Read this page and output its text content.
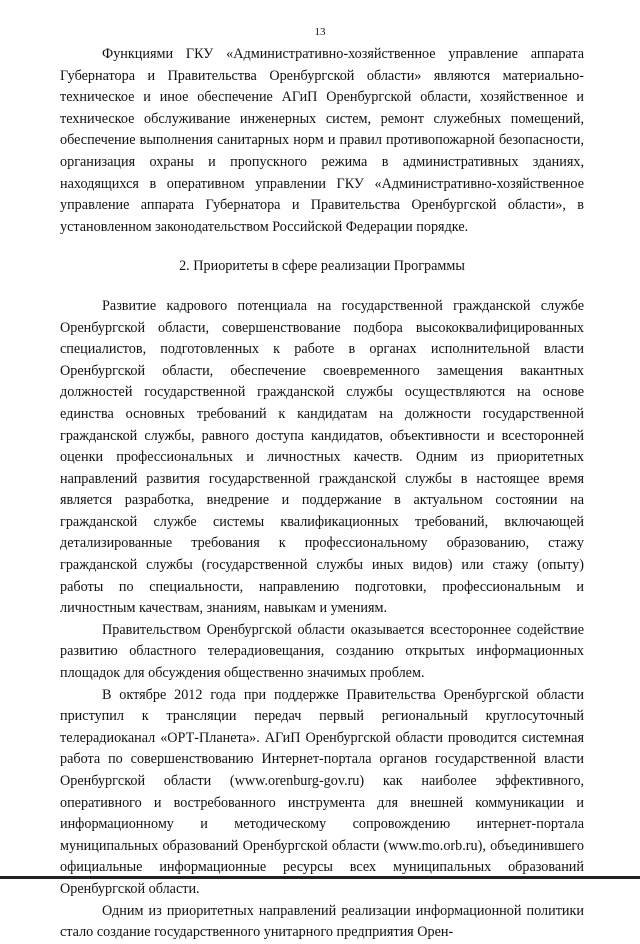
13

Функциями ГКУ «Административно-хозяйственное управление аппарата Губернатора и Правительства Оренбургской области» являются материально-техническое и иное обеспечение АГиП Оренбургской области, хозяйственное и техническое обслуживание инженерных систем, ремонт служебных помещений, обеспечение выполнения санитарных норм и правил противопожарной безопасности, организация охраны и пропускного режима в административных зданиях, находящихся в оперативном управлении ГКУ «Административно-хозяйственное управление аппарата Губернатора и Правительства Оренбургской области», в установленном законодательством Российской Федерации порядке.

2. Приоритеты в сфере реализации Программы

Развитие кадрового потенциала на государственной гражданской службе Оренбургской области, совершенствование подбора высококвалифицированных специалистов, подготовленных к работе в органах исполнительной власти Оренбургской области, обеспечение своевременного замещения вакантных должностей государственной гражданской службы осуществляются на основе единства основных требований к кандидатам на должности государственной гражданской службы, равного доступа кандидатов, объективности и всесторонней оценки профессиональных и личностных качеств. Одним из приоритетных направлений развития государственной гражданской службы в настоящее время является разработка, внедрение и поддержание в актуальном состоянии на гражданской службе системы квалификационных требований, включающей детализированные требования к профессиональному образованию, стажу гражданской службы (государственной службы иных видов) или стажу (опыту) работы по специальности, направлению подготовки, профессиональным и личностным качествам, знаниям, навыкам и умениям.

Правительством Оренбургской области оказывается всестороннее содействие развитию областного телерадиовещания, созданию открытых информационных площадок для обсуждения общественно значимых проблем.

В октябре 2012 года при поддержке Правительства Оренбургской области приступил к трансляции передач первый региональный круглосуточный телерадиоканал «ОРТ-Планета». АГиП Оренбургской области проводится системная работа по совершенствованию Интернет-портала органов государственной власти Оренбургской области (www.orenburg-gov.ru) как наиболее эффективного, оперативного и востребованного инструмента для внешней коммуникации и информационному и методическому сопровождению интернет-портала муниципальных образований Оренбургской области (www.mo.orb.ru), объединившего официальные информационные ресурсы всех муниципальных образований Оренбургской области.

Одним из приоритетных направлений реализации информационной политики стало создание государственного унитарного предприятия Орен-
